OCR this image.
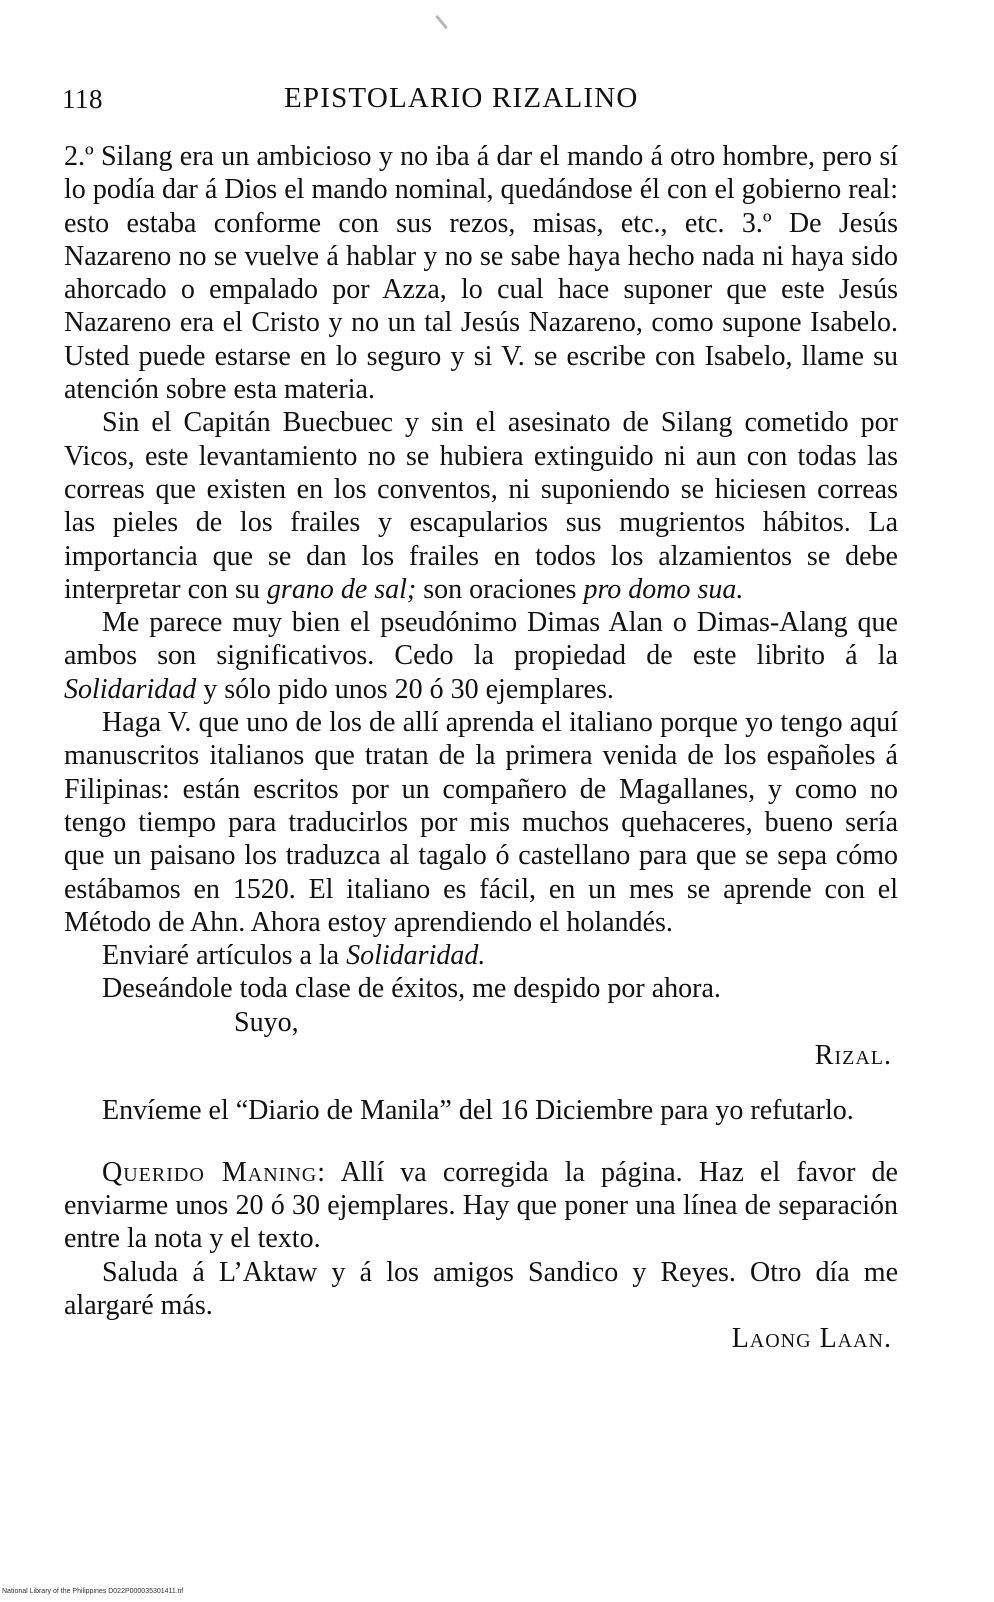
118	EPISTOLARIO RIZALINO

2.º Silang era un ambicioso y no iba á dar el mando á otro hombre, pero sí lo podía dar á Dios el mando nominal, quedándose él con el gobierno real: esto estaba conforme con sus rezos, misas, etc., etc. 3.º De Jesús Nazareno no se vuelve á hablar y no se sabe haya hecho nada ni haya sido ahorcado o empalado por Azza, lo cual hace suponer que este Jesús Nazareno era el Cristo y no un tal Jesús Nazareno, como supone Isabelo. Usted puede estarse en lo seguro y si V. se escribe con Isabelo, llame su atención sobre esta materia.

Sin el Capitán Buecbuec y sin el asesinato de Silang cometido por Vicos, este levantamiento no se hubiera extinguido ni aun con todas las correas que existen en los conventos, ni suponiendo se hiciesen correas las pieles de los frailes y escapularios sus mugrientos hábitos. La importancia que se dan los frailes en todos los alzamientos se debe interpretar con su grano de sal; son oraciones pro domo sua.

Me parece muy bien el pseudónimo Dimas Alan o Dimas-Alang que ambos son significativos. Cedo la propiedad de este librito á la Solidaridad y sólo pido unos 20 ó 30 ejemplares.

Haga V. que uno de los de allí aprenda el italiano porque yo tengo aquí manuscritos italianos que tratan de la primera venida de los españoles á Filipinas: están escritos por un compañero de Magallanes, y como no tengo tiempo para traducirlos por mis muchos quehaceres, bueno sería que un paisano los traduzca al tagalo ó castellano para que se sepa cómo estábamos en 1520. El italiano es fácil, en un mes se aprende con el Método de Ahn. Ahora estoy aprendiendo el holandés.

Enviaré artículos a la Solidaridad.

Deseándole toda clase de éxitos, me despido por ahora.

Suyo,

Rizal.

Envíeme el “Diario de Manila” del 16 Diciembre para yo refutarlo.

Querido Maning: Allí va corregida la página. Haz el favor de enviarme unos 20 ó 30 ejemplares. Hay que poner una línea de separación entre la nota y el texto.

Saluda á L’Aktaw y á los amigos Sandico y Reyes. Otro día me alargaré más.

Laong Laan.

National Library of the Philippines D022P000035301411.tif
